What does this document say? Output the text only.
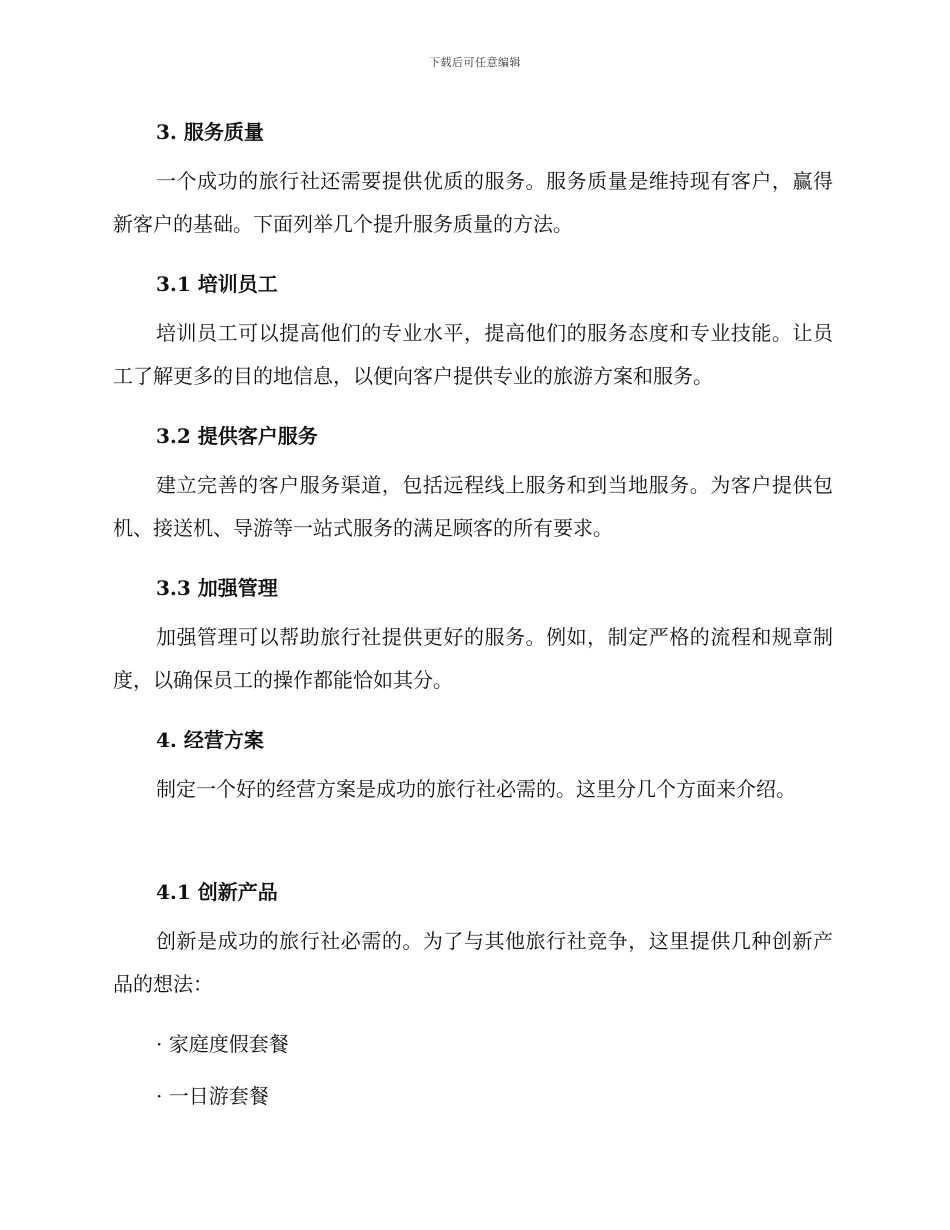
下载后可任意编辑
3. 服务质量
一个成功的旅行社还需要提供优质的服务。服务质量是维持现有客户，赢得新客户的基础。下面列举几个提升服务质量的方法。
3.1 培训员工
培训员工可以提高他们的专业水平，提高他们的服务态度和专业技能。让员工了解更多的目的地信息，以便向客户提供专业的旅游方案和服务。
3.2 提供客户服务
建立完善的客户服务渠道，包括远程线上服务和到当地服务。为客户提供包机、接送机、导游等一站式服务的满足顾客的所有要求。
3.3 加强管理
加强管理可以帮助旅行社提供更好的服务。例如，制定严格的流程和规章制度，以确保员工的操作都能恰如其分。
4. 经营方案
制定一个好的经营方案是成功的旅行社必需的。这里分几个方面来介绍。
4.1 创新产品
创新是成功的旅行社必需的。为了与其他旅行社竞争，这里提供几种创新产品的想法：
· 家庭度假套餐
· 一日游套餐
